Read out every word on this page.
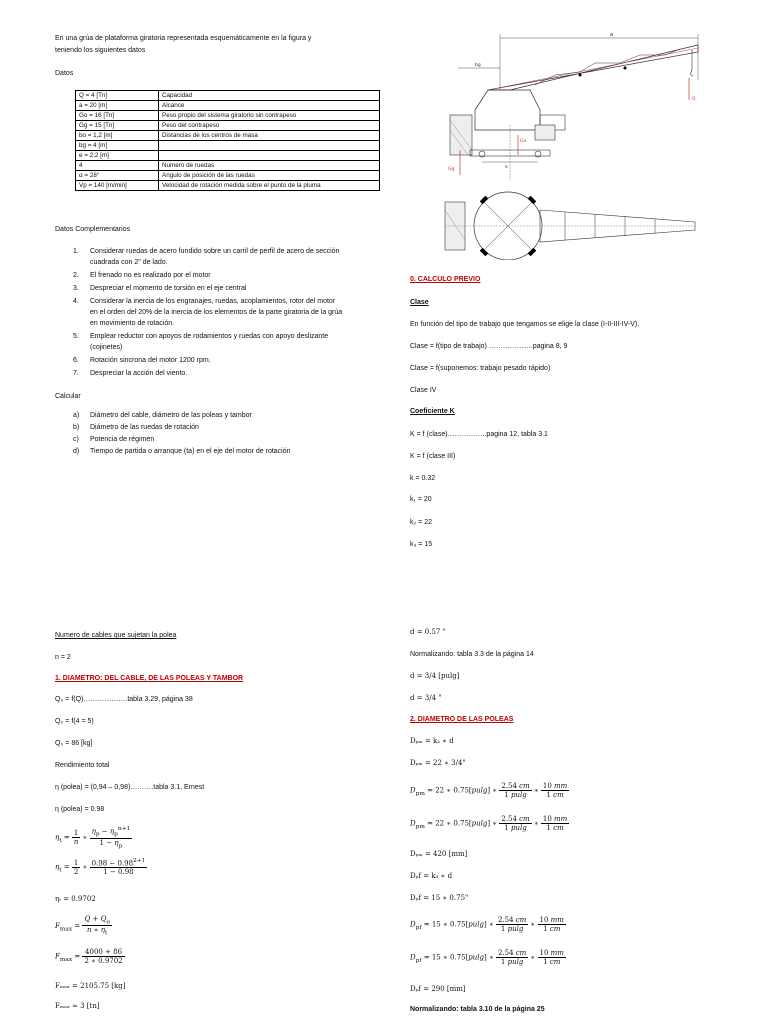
En una grúa de plataforma giratoria representada esquemáticamente en la figura y
teniendo los siguientes datos
Datos
Q = 4 [Tn]	Capacidad
a = 20 [m]	Alcance
Go = 16 [Tn]	Peso propio del sistema giratorio sin contrapeso
Gg = 15 [Tn]	Peso del contrapeso
bo = 1,2 [m]	Distancias de los centros de masa
bg = 4 [m]	
e = 2,2 [m]	
4	Numero de ruedas
α = 28°	Angulo de posición de las ruedas
Vp = 140 [m/min]	Velocidad de rotación medida sobre el punto de la pluma
Datos Complementarios
1. Considerar ruedas de acero fundido sobre un carril de perfil de acero de sección
cuadrada con 2" de lado.
2. El frenado no es realizado por el motor
3. Despreciar el momento de torsión en el eje central
4. Considerar la inercia de los engranajes, ruedas, acoplamientos, rotor del motor
en el orden del 20% de la inercia de los elementos de la parte giratoria de la grúa
en movimiento de rotación.
5. Emplear reductor con apoyos de rodamientos y ruedas con apoyo deslizante
(cojinetes)
6. Rotación sincrona del motor 1200 rpm.
7. Despreciar la acción del viento.
Calcular
a) Diámetro del cable, diámetro de las poleas y tambor
b) Diámetro de las ruedas de rotación
c) Potencia de régimen
d) Tiempo de partida o arranque (ta) en el eje del motor de rotación
a
bg
Q
Gg
Go
e
0. CALCULO PREVIO
Clase
En función del tipo de trabajo que tengamos se elige la clase (I-II-III-IV-V).
Clase = f(tipo de trabajo) ……………….pagina 8, 9
Clase = f(suponemos: trabajo pesado rápido)
Clase IV
Coeficiente K
K = f (clase)……………..pagina 12, tabla 3.1
K = f (clase III)
k = 0.32
k₁ = 20
k₂ = 22
k₃ = 15
Numero de cables que sujetan la polea
n = 2
1. DIAMETRO: DEL CABLE, DE LAS POLEAS Y TAMBOR
Q₀ = f(Q)……………….tabla 3.29, página 38
Q₀ = f(4 = 5)
Q₀ = 86 [kg]
Rendimiento total
η (polea) = (0,94 – 0,98)……….tabla 3.1, Ernest
η (polea) = 0.98
$\eta_t = \frac{1}{n}$ ∗ $\frac{\eta_p - \eta_p^{n+1}}{1 - \eta_p}$
$\eta_t = \frac{1}{2}$ ∗ $\frac{0.98 - 0.98^{2+1}}{1 - 0.98}$
ηₜ = 0.9702
$F_{max} = \frac{Q + Q_o}{n ∗ \eta_t}$
$F_{max} = \frac{4000 + 86}{2 ∗ 0.9702}$
Fₘₐₓ = 2105.75 [kg]
Fₘₐₓ ≈ 3 [tn]
d = 0.57 "
Normalizando: tabla 3.3 de la página 14
d = 3/4 [pulg]
d = 3/4 "
2. DIAMETRO DE LAS POLEAS
Dₚₘ = k₂ ∗ d
Dₚₘ = 22 ∗ 3/4"
$D_{pm} = 22$ ∗ 0.75[pulg] ∗ $\frac{2.54 cm}{1 pulg}$ ∗ $\frac{10 mm}{1 cm}$
$D_{pm} = 22$ ∗ 0.75[pulg] ∗ $\frac{2.54 cm}{1 pulg}$ ∗ $\frac{10 mm}{1 cm}$
Dₚₘ = 420 [mm]
Dₚf = k₃ ∗ d
Dₚf = 15 ∗ 0.75"
$D_{pf} = 15$ ∗ 0.75[pulg] ∗ $\frac{2.54 cm}{1 pulg}$ ∗ $\frac{10 mm}{1 cm}$
$D_{pf} = 15$ ∗ 0.75[pulg] ∗ $\frac{2.54 cm}{1 pulg}$ ∗ $\frac{10 mm}{1 cm}$
Dₚf = 290 [mm]
Normalizando: tabla 3.10 de la página 25
